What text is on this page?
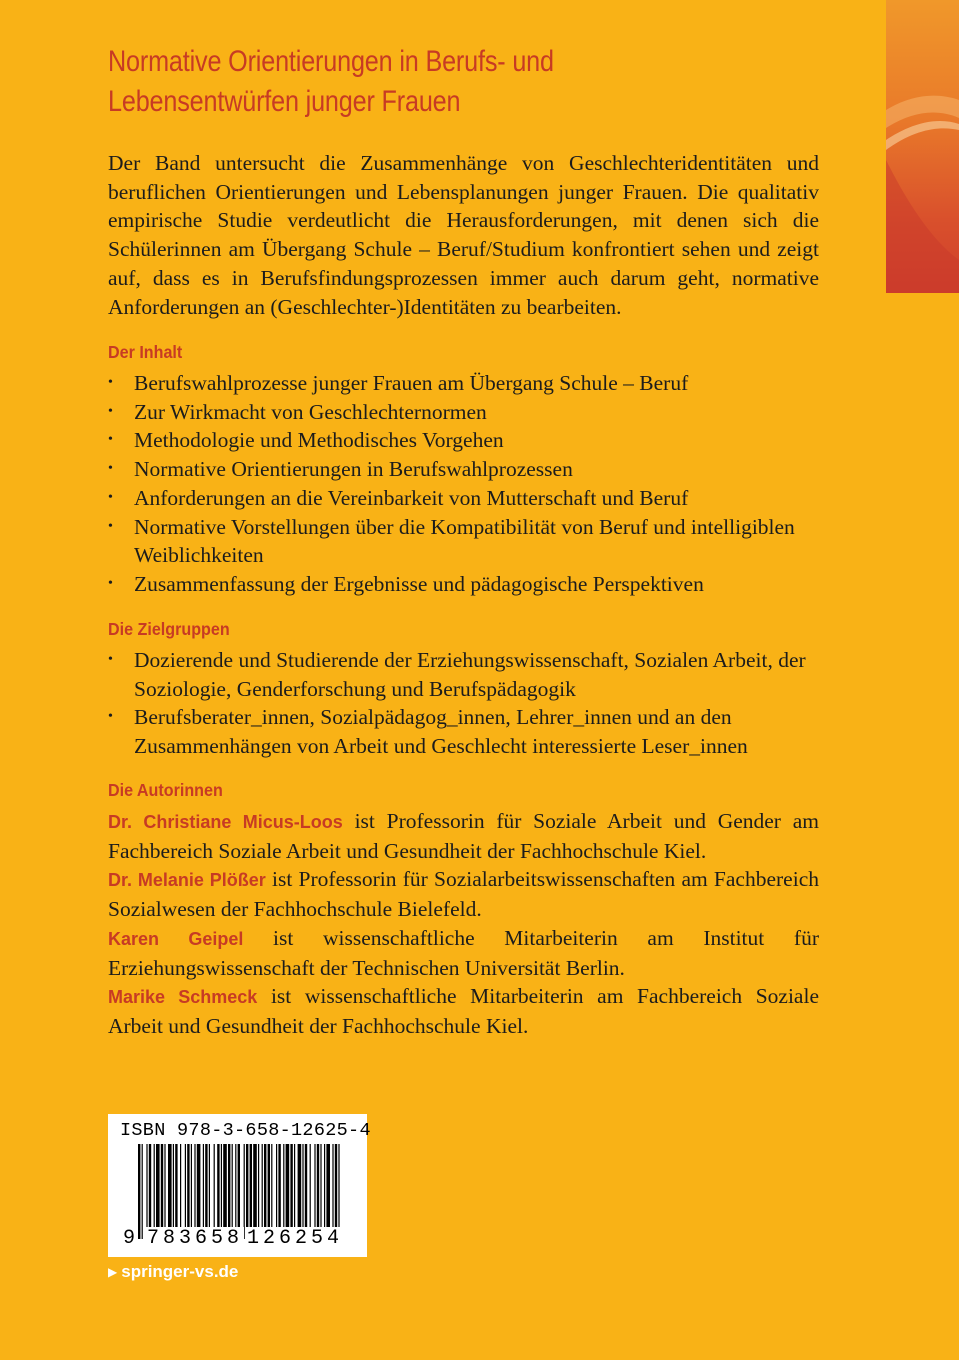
Normative Orientierungen in Berufs- und
Lebensentwürfen junger Frauen

Der Band untersucht die Zusammenhänge von Geschlechteridentitäten und beruflichen Orientierungen und Lebensplanungen junger Frauen. Die qualitativ empirische Studie verdeutlicht die Herausforderungen, mit denen sich die Schülerinnen am Übergang Schule – Beruf/Studium konfrontiert sehen und zeigt auf, dass es in Berufsfindungsprozessen immer auch darum geht, normative Anforderungen an (Geschlechter-)Identitäten zu bearbeiten.

Der Inhalt
• Berufswahlprozesse junger Frauen am Übergang Schule – Beruf
• Zur Wirkmacht von Geschlechternormen
• Methodologie und Methodisches Vorgehen
• Normative Orientierungen in Berufswahlprozessen
• Anforderungen an die Vereinbarkeit von Mutterschaft und Beruf
• Normative Vorstellungen über die Kompatibilität von Beruf und intelligiblen Weiblichkeiten
• Zusammenfassung der Ergebnisse und pädagogische Perspektiven
Die Zielgruppen
• Dozierende und Studierende der Erziehungswissenschaft, Sozialen Arbeit, der Soziologie, Genderforschung und Berufspädagogik
• Berufsberater_innen, Sozialpädagog_innen, Lehrer_innen und an den Zusammenhängen von Arbeit und Geschlecht interessierte Leser_innen
Die Autorinnen

Dr. Christiane Micus-Loos ist Professorin für Soziale Arbeit und Gender am Fachbereich Soziale Arbeit und Gesundheit der Fachhochschule Kiel.

Dr. Melanie Plößer ist Professorin für Sozialarbeitswissenschaften am Fachbereich Sozialwesen der Fachhochschule Bielefeld.

Karen Geipel ist wissenschaftliche Mitarbeiterin am Institut für Erziehungswissenschaft der Technischen Universität Berlin.

Marike Schmeck ist wissenschaftliche Mitarbeiterin am Fachbereich Soziale Arbeit und Gesundheit der Fachhochschule Kiel.

ISBN 978-3-658-12625-4
9 783658 126254
▶ springer-vs.de
